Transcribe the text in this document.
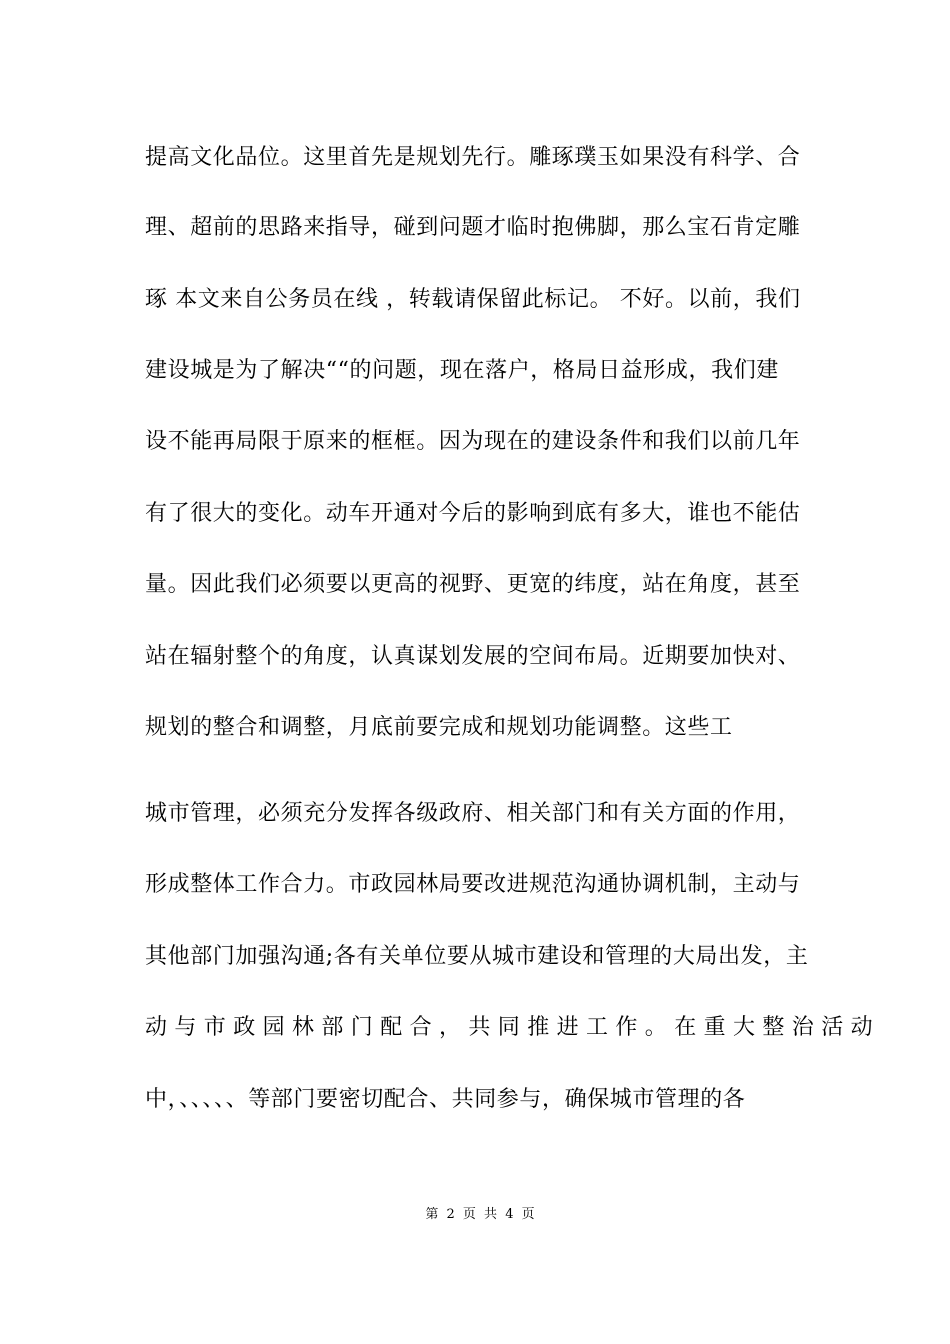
提高文化品位。这里首先是规划先行。雕琢璞玉如果没有科学、合
理、超前的思路来指导，碰到问题才临时抱佛脚，那么宝石肯定雕
琢 本文来自公务员在线 ，转载请保留此标记。 不好。以前，我们
建设城是为了解决““的问题，现在落户，格局日益形成，我们建
设不能再局限于原来的框框。因为现在的建设条件和我们以前几年
有了很大的变化。动车开通对今后的影响到底有多大，谁也不能估
量。因此我们必须要以更高的视野、更宽的纬度，站在角度，甚至
站在辐射整个的角度，认真谋划发展的空间布局。近期要加快对、
规划的整合和调整，月底前要完成和规划功能调整。这些工
城市管理，必须充分发挥各级政府、相关部门和有关方面的作用，
形成整体工作合力。市政园林局要改进规范沟通协调机制，主动与
其他部门加强沟通;各有关单位要从城市建设和管理的大局出发，主
动与市政园林部门配合，共同推进工作。在重大整治活动
中，、、、、、等部门要密切配合、共同参与，确保城市管理的各
第 2 页 共 4 页
